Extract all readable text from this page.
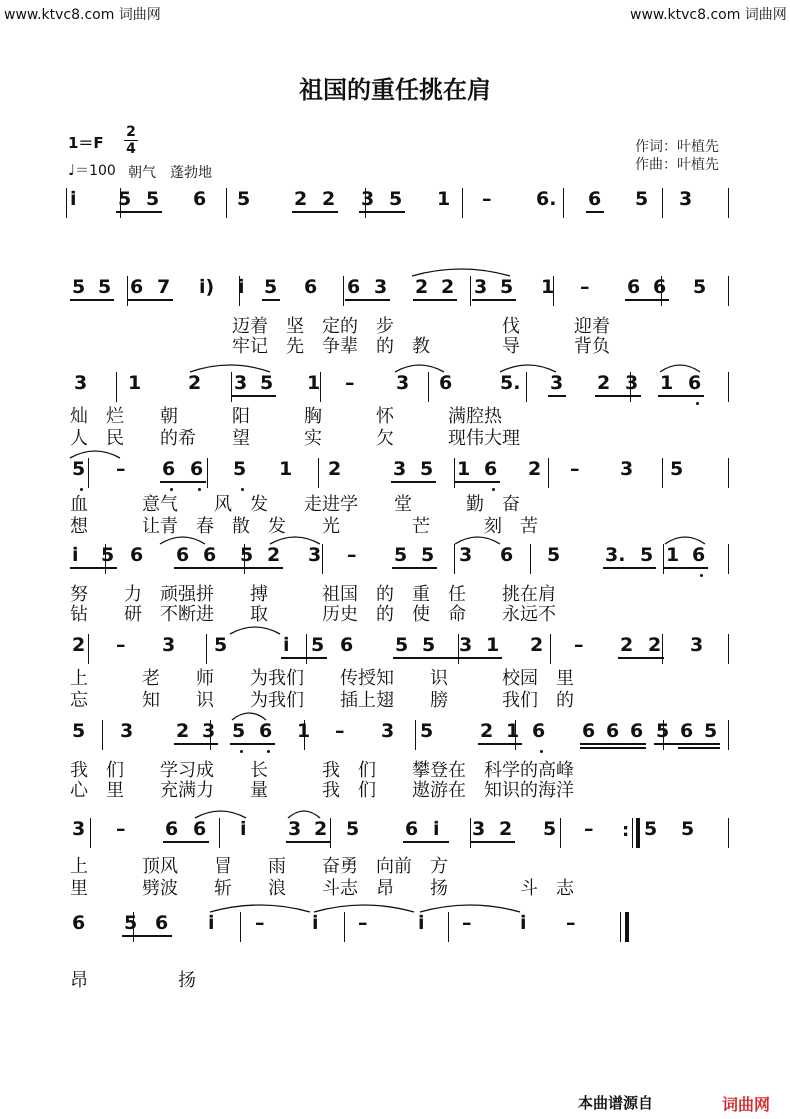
www.ktvc8.com 词曲网	www.ktvc8.com 词曲网
祖国的重任挑在肩
1＝F
2
4
♩＝100 朝气　蓬勃地
作词：叶植先
作曲：叶植先
i̇ 5 5 6 5 2 2 3 5 1 – 6. 6 5 3
5 5 6 7 i̇) i̇ 5 6 6 3 2 2 3 5 1 – 6 6 5
3 1 2 3 5 1 – 3 6	5. 3 2 3 1 6
5 – 6 6 5 1 2	3 5 1 6 2 – 3 5
i̇ 5 6 6 6 5 2 3 – 5 5 3 6 5 3. 5 1 6
2 – 3 5	i̇ 5 6 5 5 3 1 2 – 2 2 3
5 3 2 3 5 6 1 – 3 5 2 1 6 6 6 6 5 6 5
:
3 – 6 6 i̇ 3 2 5 6 i̇ 3 2 5 –	5 5
6 5 6 i̇ –	i̇ –	i̇ –	i̇ –
　　　　　　　　　迈着　坚　定的　步　　　　　　伐　　　迎着
　　　　　　　　　牢记　先　争辈　的　教　　　　导　　　背负
灿　烂　　朝　　　阳　　　胸　　　怀　　　满腔热
人　民　　的希　　望　　　实　　　欠　　　现伟大理
血　　　意气　　风　发　　走进学　　堂　　　勤　奋
想　　　让青　春　散　发　　光　　　　芒　　　刻　苦
努　　力　顽强拼　　搏　　　祖国　的　重　任　　挑在肩
钻　　研　不断进　　取　　　历史　的　使　命　　永远不
上　　　老　　师　　为我们　　传授知　　识　　　校园　里
忘　　　知　　识　　为我们　　插上翅　　膀　　　我们　的
我　们　　学习成　　长　　　我　们　　攀登在　科学的高峰
心　里　　充满力　　量　　　我　们　　遨游在　知识的海洋
上　　　顶风　　冒　　雨　　奋勇　向前　方
里　　　劈波　　斩　　浪　　斗志　昂　　扬　　　　斗　志
昂　　　　　扬
本曲谱源自	词曲网
